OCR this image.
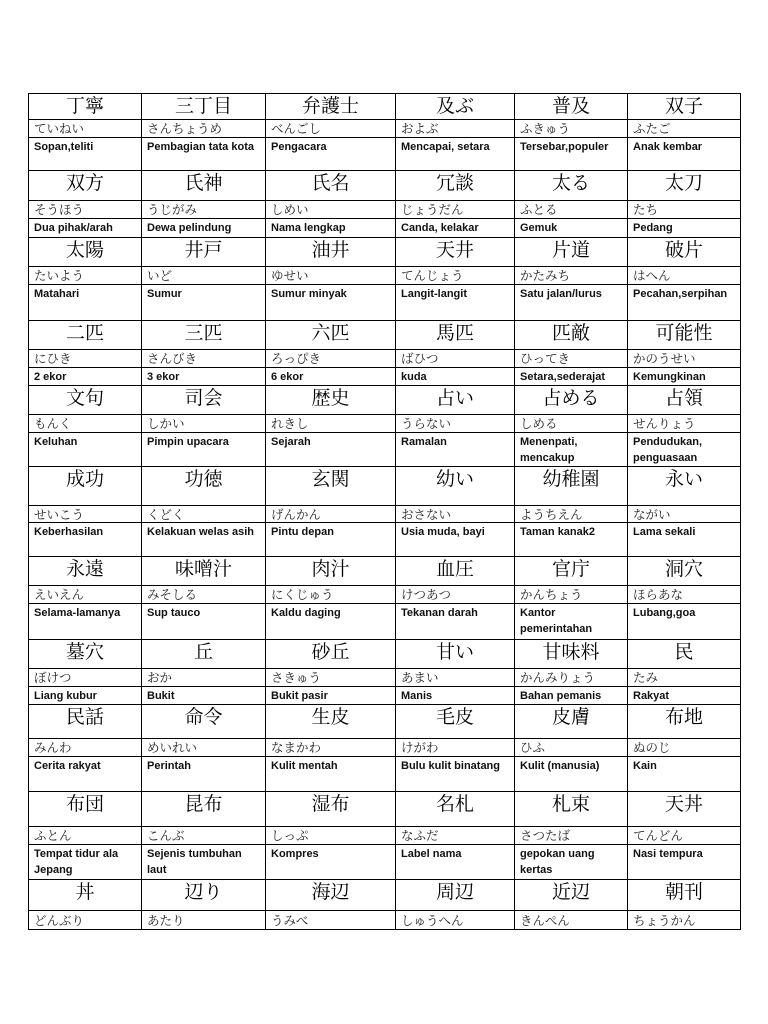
丁寧	三丁目	弁護士	及ぶ	普及	双子
ていねい	さんちょうめ	べんごし	およぶ	ふきゅう	ふたご
Sopan,teliti	Pembagian tata kota	Pengacara	Mencapai, setara	Tersebar,populer	Anak kembar
双方	氏神	氏名	冗談	太る	太刀
そうほう	うじがみ	しめい	じょうだん	ふとる	たち
Dua pihak/arah	Dewa pelindung	Nama lengkap	Canda, kelakar	Gemuk	Pedang
太陽	井戸	油井	天井	片道	破片
たいよう	いど	ゆせい	てんじょう	かたみち	はへん
Matahari	Sumur	Sumur minyak	Langit-langit	Satu jalan/lurus	Pecahan,serpihan
二匹	三匹	六匹	馬匹	匹敵	可能性
にひき	さんびき	ろっぴき	ばひつ	ひってき	かのうせい
2 ekor	3 ekor	6 ekor	kuda	Setara,sederajat	Kemungkinan
文句	司会	歴史	占い	占める	占領
もんく	しかい	れきし	うらない	しめる	せんりょう
Keluhan	Pimpin upacara	Sejarah	Ramalan	Menenpati, mencakup	Pendudukan, penguasaan
成功	功徳	玄関	幼い	幼稚園	永い
せいこう	くどく	げんかん	おさない	ようちえん	ながい
Keberhasilan	Kelakuan welas asih	Pintu depan	Usia muda, bayi	Taman kanak2	Lama sekali
永遠	味噌汁	肉汁	血圧	官庁	洞穴
えいえん	みそしる	にくじゅう	けつあつ	かんちょう	ほらあな
Selama-lamanya	Sup tauco	Kaldu daging	Tekanan darah	Kantor pemerintahan	Lubang,goa
墓穴	丘	砂丘	甘い	甘味料	民
ぼけつ	おか	さきゅう	あまい	かんみりょう	たみ
Liang kubur	Bukit	Bukit pasir	Manis	Bahan pemanis	Rakyat
民話	命令	生皮	毛皮	皮膚	布地
みんわ	めいれい	なまかわ	けがわ	ひふ	ぬのじ
Cerita rakyat	Perintah	Kulit mentah	Bulu kulit binatang	Kulit (manusia)	Kain
布団	昆布	湿布	名札	札束	天丼
ふとん	こんぶ	しっぷ	なふだ	さつたば	てんどん
Tempat tidur ala Jepang	Sejenis tumbuhan laut	Kompres	Label nama	gepokan uang kertas	Nasi tempura
丼	辺り	海辺	周辺	近辺	朝刊
どんぶり	あたり	うみべ	しゅうへん	きんぺん	ちょうかん
